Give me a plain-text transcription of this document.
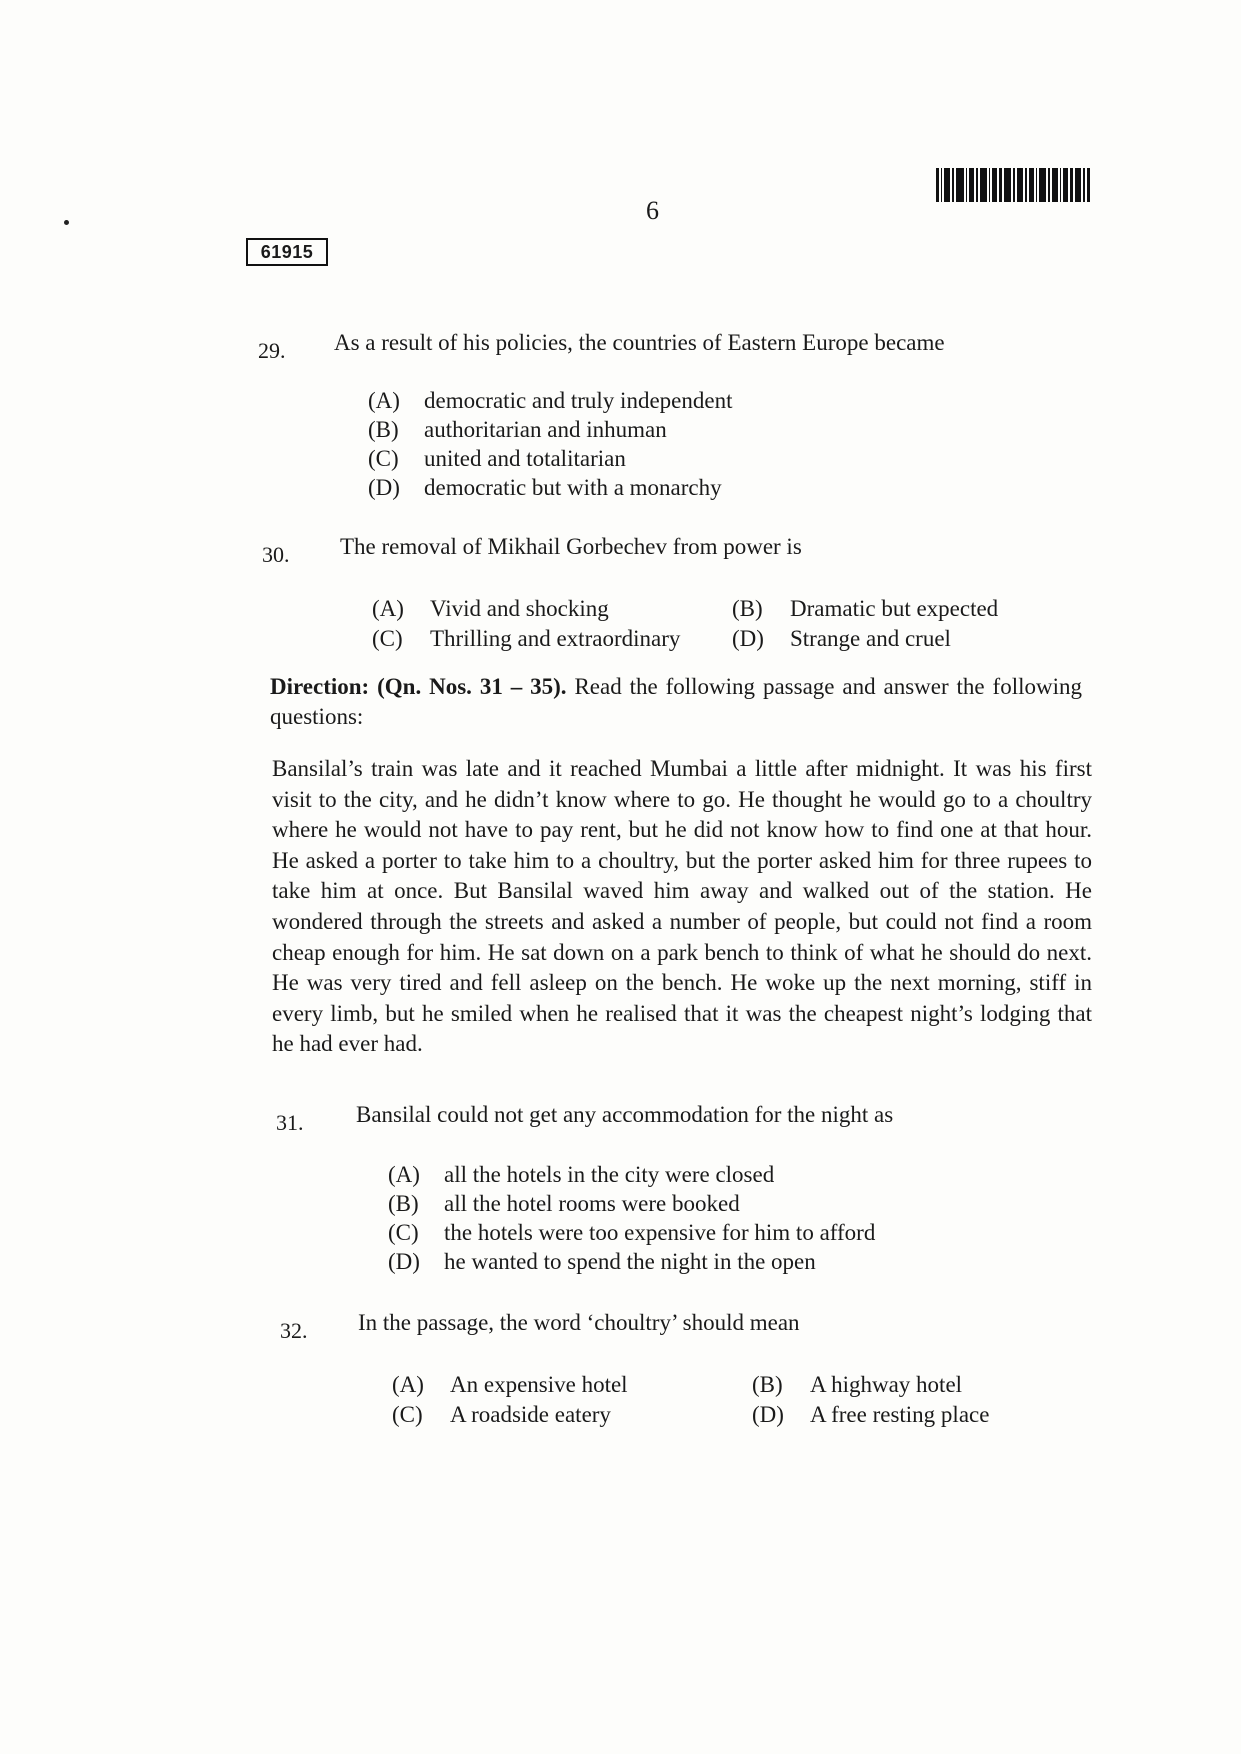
6
61915
29. As a result of his policies, the countries of Eastern Europe became
(A)	democratic and truly independent
(B)	authoritarian and inhuman
(C)	united and totalitarian
(D)	democratic but with a monarchy
30. The removal of Mikhail Gorbechev from power is
(A)	Vivid and shocking	(B)	Dramatic but expected
(C)	Thrilling and extraordinary (D)	Strange and cruel
Direction: (Qn. Nos. 31 – 35). Read the following passage and answer the following questions:
Bansilal’s train was late and it reached Mumbai a little after midnight. It was his first visit to the city, and he didn’t know where to go. He thought he would go to a choultry where he would not have to pay rent, but he did not know how to find one at that hour. He asked a porter to take him to a choultry, but the porter asked him for three rupees to take him at once. But Bansilal waved him away and walked out of the station. He wondered through the streets and asked a number of people, but could not find a room cheap enough for him. He sat down on a park bench to think of what he should do next. He was very tired and fell asleep on the bench. He woke up the next morning, stiff in every limb, but he smiled when he realised that it was the cheapest night’s lodging that he had ever had.
31. Bansilal could not get any accommodation for the night as
(A)	all the hotels in the city were closed
(B)	all the hotel rooms were booked
(C)	the hotels were too expensive for him to afford
(D)	he wanted to spend the night in the open
32. In the passage, the word ‘choultry’ should mean
(A)	An expensive hotel	(B)	A highway hotel
(C)	A roadside eatery	(D)	A free resting place
